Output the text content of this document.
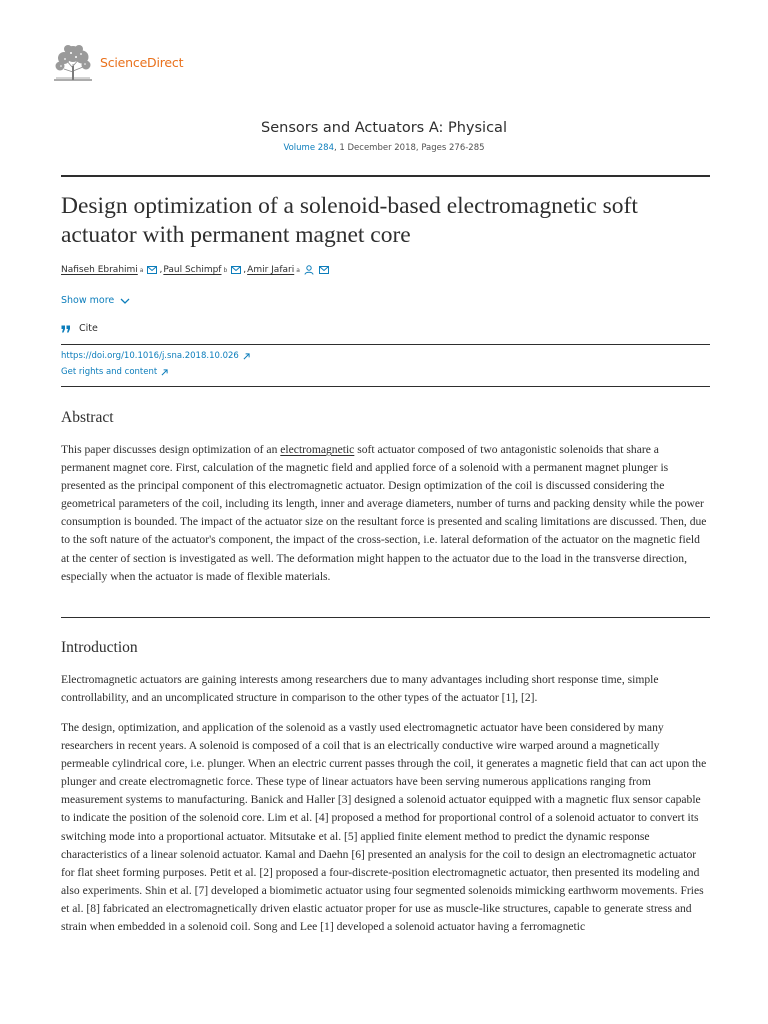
ScienceDirect
Sensors and Actuators A: Physical
Volume 284, 1 December 2018, Pages 276-285
Design optimization of a solenoid-based electromagnetic soft actuator with permanent magnet core
Nafiseh Ebrahimi a , Paul Schimpf b , Amir Jafari a
Show more
Cite
https://doi.org/10.1016/j.sna.2018.10.026
Get rights and content
Abstract

This paper discusses design optimization of an electromagnetic soft actuator composed of two antagonistic solenoids that share a permanent magnet core. First, calculation of the magnetic field and applied force of a solenoid with a permanent magnet plunger is presented as the principal component of this electromagnetic actuator. Design optimization of the coil is discussed considering the geometrical parameters of the coil, including its length, inner and average diameters, number of turns and packing density while the power consumption is bounded. The impact of the actuator size on the resultant force is presented and scaling limitations are discussed. Then, due to the soft nature of the actuator's component, the impact of the cross-section, i.e. lateral deformation of the actuator on the magnetic field at the center of section is investigated as well. The deformation might happen to the actuator due to the load in the transverse direction, especially when the actuator is made of flexible materials.

Introduction

Electromagnetic actuators are gaining interests among researchers due to many advantages including short response time, simple controllability, and an uncomplicated structure in comparison to the other types of the actuator [1], [2].

The design, optimization, and application of the solenoid as a vastly used electromagnetic actuator have been considered by many researchers in recent years. A solenoid is composed of a coil that is an electrically conductive wire warped around a magnetically permeable cylindrical core, i.e. plunger. When an electric current passes through the coil, it generates a magnetic field that can act upon the plunger and create electromagnetic force. These type of linear actuators have been serving numerous applications ranging from measurement systems to manufacturing. Banick and Haller [3] designed a solenoid actuator equipped with a magnetic flux sensor capable to indicate the position of the solenoid core. Lim et al. [4] proposed a method for proportional control of a solenoid actuator to convert its switching mode into a proportional actuator. Mitsutake et al. [5] applied finite element method to predict the dynamic response characteristics of a linear solenoid actuator. Kamal and Daehn [6] presented an analysis for the coil to design an electromagnetic actuator for flat sheet forming purposes. Petit et al. [2] proposed a four-discrete-position electromagnetic actuator, then presented its modeling and also experiments. Shin et al. [7] developed a biomimetic actuator using four segmented solenoids mimicking earthworm movements. Fries et al. [8] fabricated an electromagnetically driven elastic actuator proper for use as muscle-like structures, capable to generate stress and strain when embedded in a solenoid coil. Song and Lee [1] developed a solenoid actuator having a ferromagnetic
